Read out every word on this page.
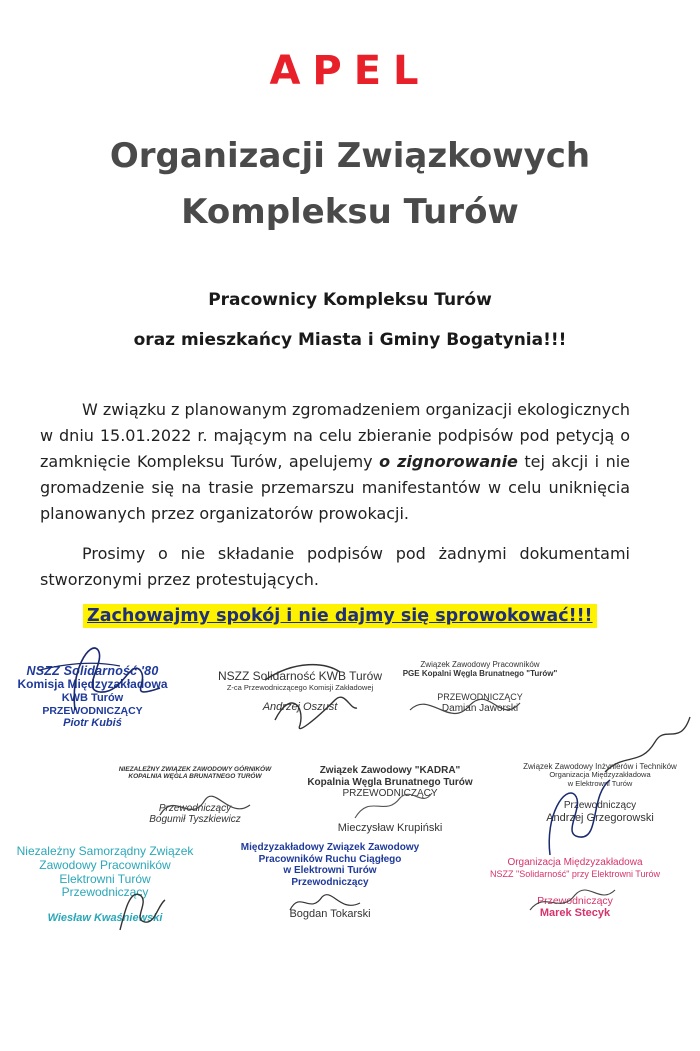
APEL
Organizacji Związkowych
Kompleksu Turów
Pracownicy Kompleksu Turów
oraz mieszkańcy Miasta i Gminy Bogatynia!!!
W związku z planowanym zgromadzeniem organizacji ekologicznych w dniu 15.01.2022 r. mającym na celu zbieranie podpisów pod petycją o zamknięcie Kompleksu Turów, apelujemy o zignorowanie tej akcji i nie gromadzenie się na trasie przemarszu manifestantów w celu uniknięcia planowanych przez organizatorów prowokacji.
Prosimy o nie składanie podpisów pod żadnymi dokumentami stworzonymi przez protestujących.
Zachowajmy spokój i nie dajmy się sprowokować!!!
NSZZ Solidarność '80
Komisja Międzyzakładowa
KWB Turów
PRZEWODNICZĄCY
Piotr Kubiś
NSZZ Solidarność KWB Turów
Z-ca Przewodniczącego Komisji Zakładowej
Andrzej Oszust
Związek Zawodowy Pracowników
PGE Kopalni Węgla Brunatnego "Turów"
PRZEWODNICZĄCY
Damian Jaworski
NIEZALEŻNY ZWIĄZEK ZAWODOWY GÓRNIKÓW
KOPALNIA WĘGLA BRUNATNEGO TURÓW
Przewodniczący
Bogumił Tyszkiewicz
Związek Zawodowy "KADRA"
Kopalnia Węgla Brunatnego Turów
PRZEWODNICZĄCY
Mieczysław Krupiński
Związek Zawodowy Inżynierów i Techników
Organizacja Międzyzakładowa
w Elektrowni Turów
Przewodniczący
Andrzej Grzegorowski
Niezależny Samorządny Związek
Zawodowy Pracowników
Elektrowni Turów
Przewodniczący
Wiesław Kwaśniewski
Międzyzakładowy Związek Zawodowy
Pracowników Ruchu Ciągłego
w Elektrowni Turów
Przewodniczący
Bogdan Tokarski
Organizacja Międzyzakładowa
NSZZ "Solidarność" przy Elektrowni Turów
Przewodniczący
Marek Stecyk
